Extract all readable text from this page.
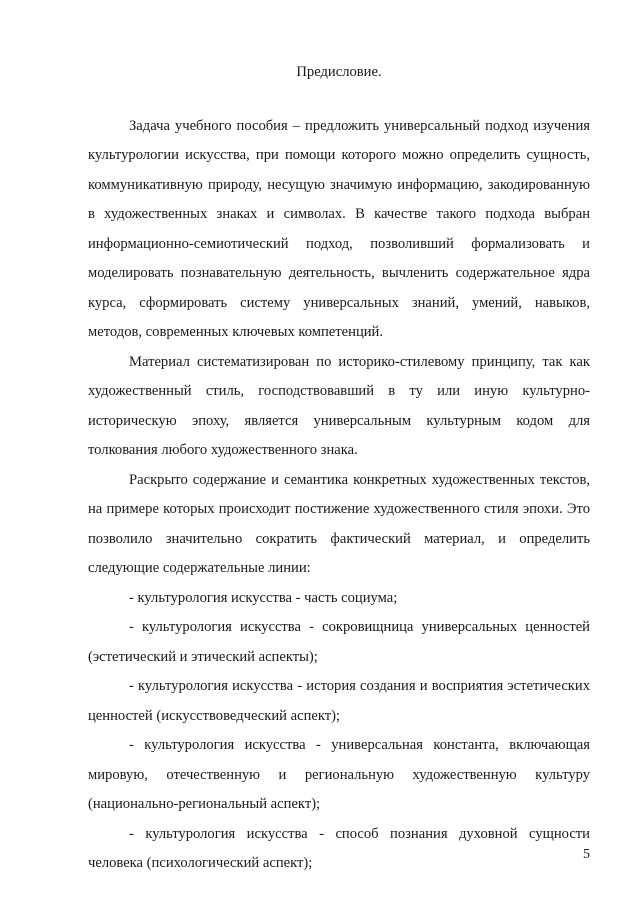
Предисловие.

Задача учебного пособия – предложить универсальный подход изучения культурологии искусства, при помощи которого можно определить сущность, коммуникативную природу, несущую значимую информацию, закодированную в художественных знаках и символах. В качестве такого подхода выбран информационно-семиотический подход, позволивший формализовать и моделировать познавательную деятельность, вычленить содержательное ядра курса, сформировать систему универсальных знаний, умений, навыков, методов, современных ключевых компетенций.

Материал систематизирован по историко-стилевому принципу, так как художественный стиль, господствовавший в ту или иную культурно-историческую эпоху, является универсальным культурным кодом для толкования любого художественного знака.

Раскрыто содержание и семантика конкретных художественных текстов, на примере которых происходит постижение художественного стиля эпохи. Это позволило значительно сократить фактический материал, и определить следующие содержательные линии:

- культурология искусства - часть социума;

- культурология искусства - сокровищница универсальных ценностей (эстетический и этический аспекты);

- культурология искусства - история создания и восприятия эстетических ценностей (искусствоведческий аспект);

- культурология искусства - универсальная константа, включающая мировую, отечественную и региональную художественную культуру (национально-региональный аспект);

- культурология искусства - способ познания духовной сущности человека (психологический аспект);

5
